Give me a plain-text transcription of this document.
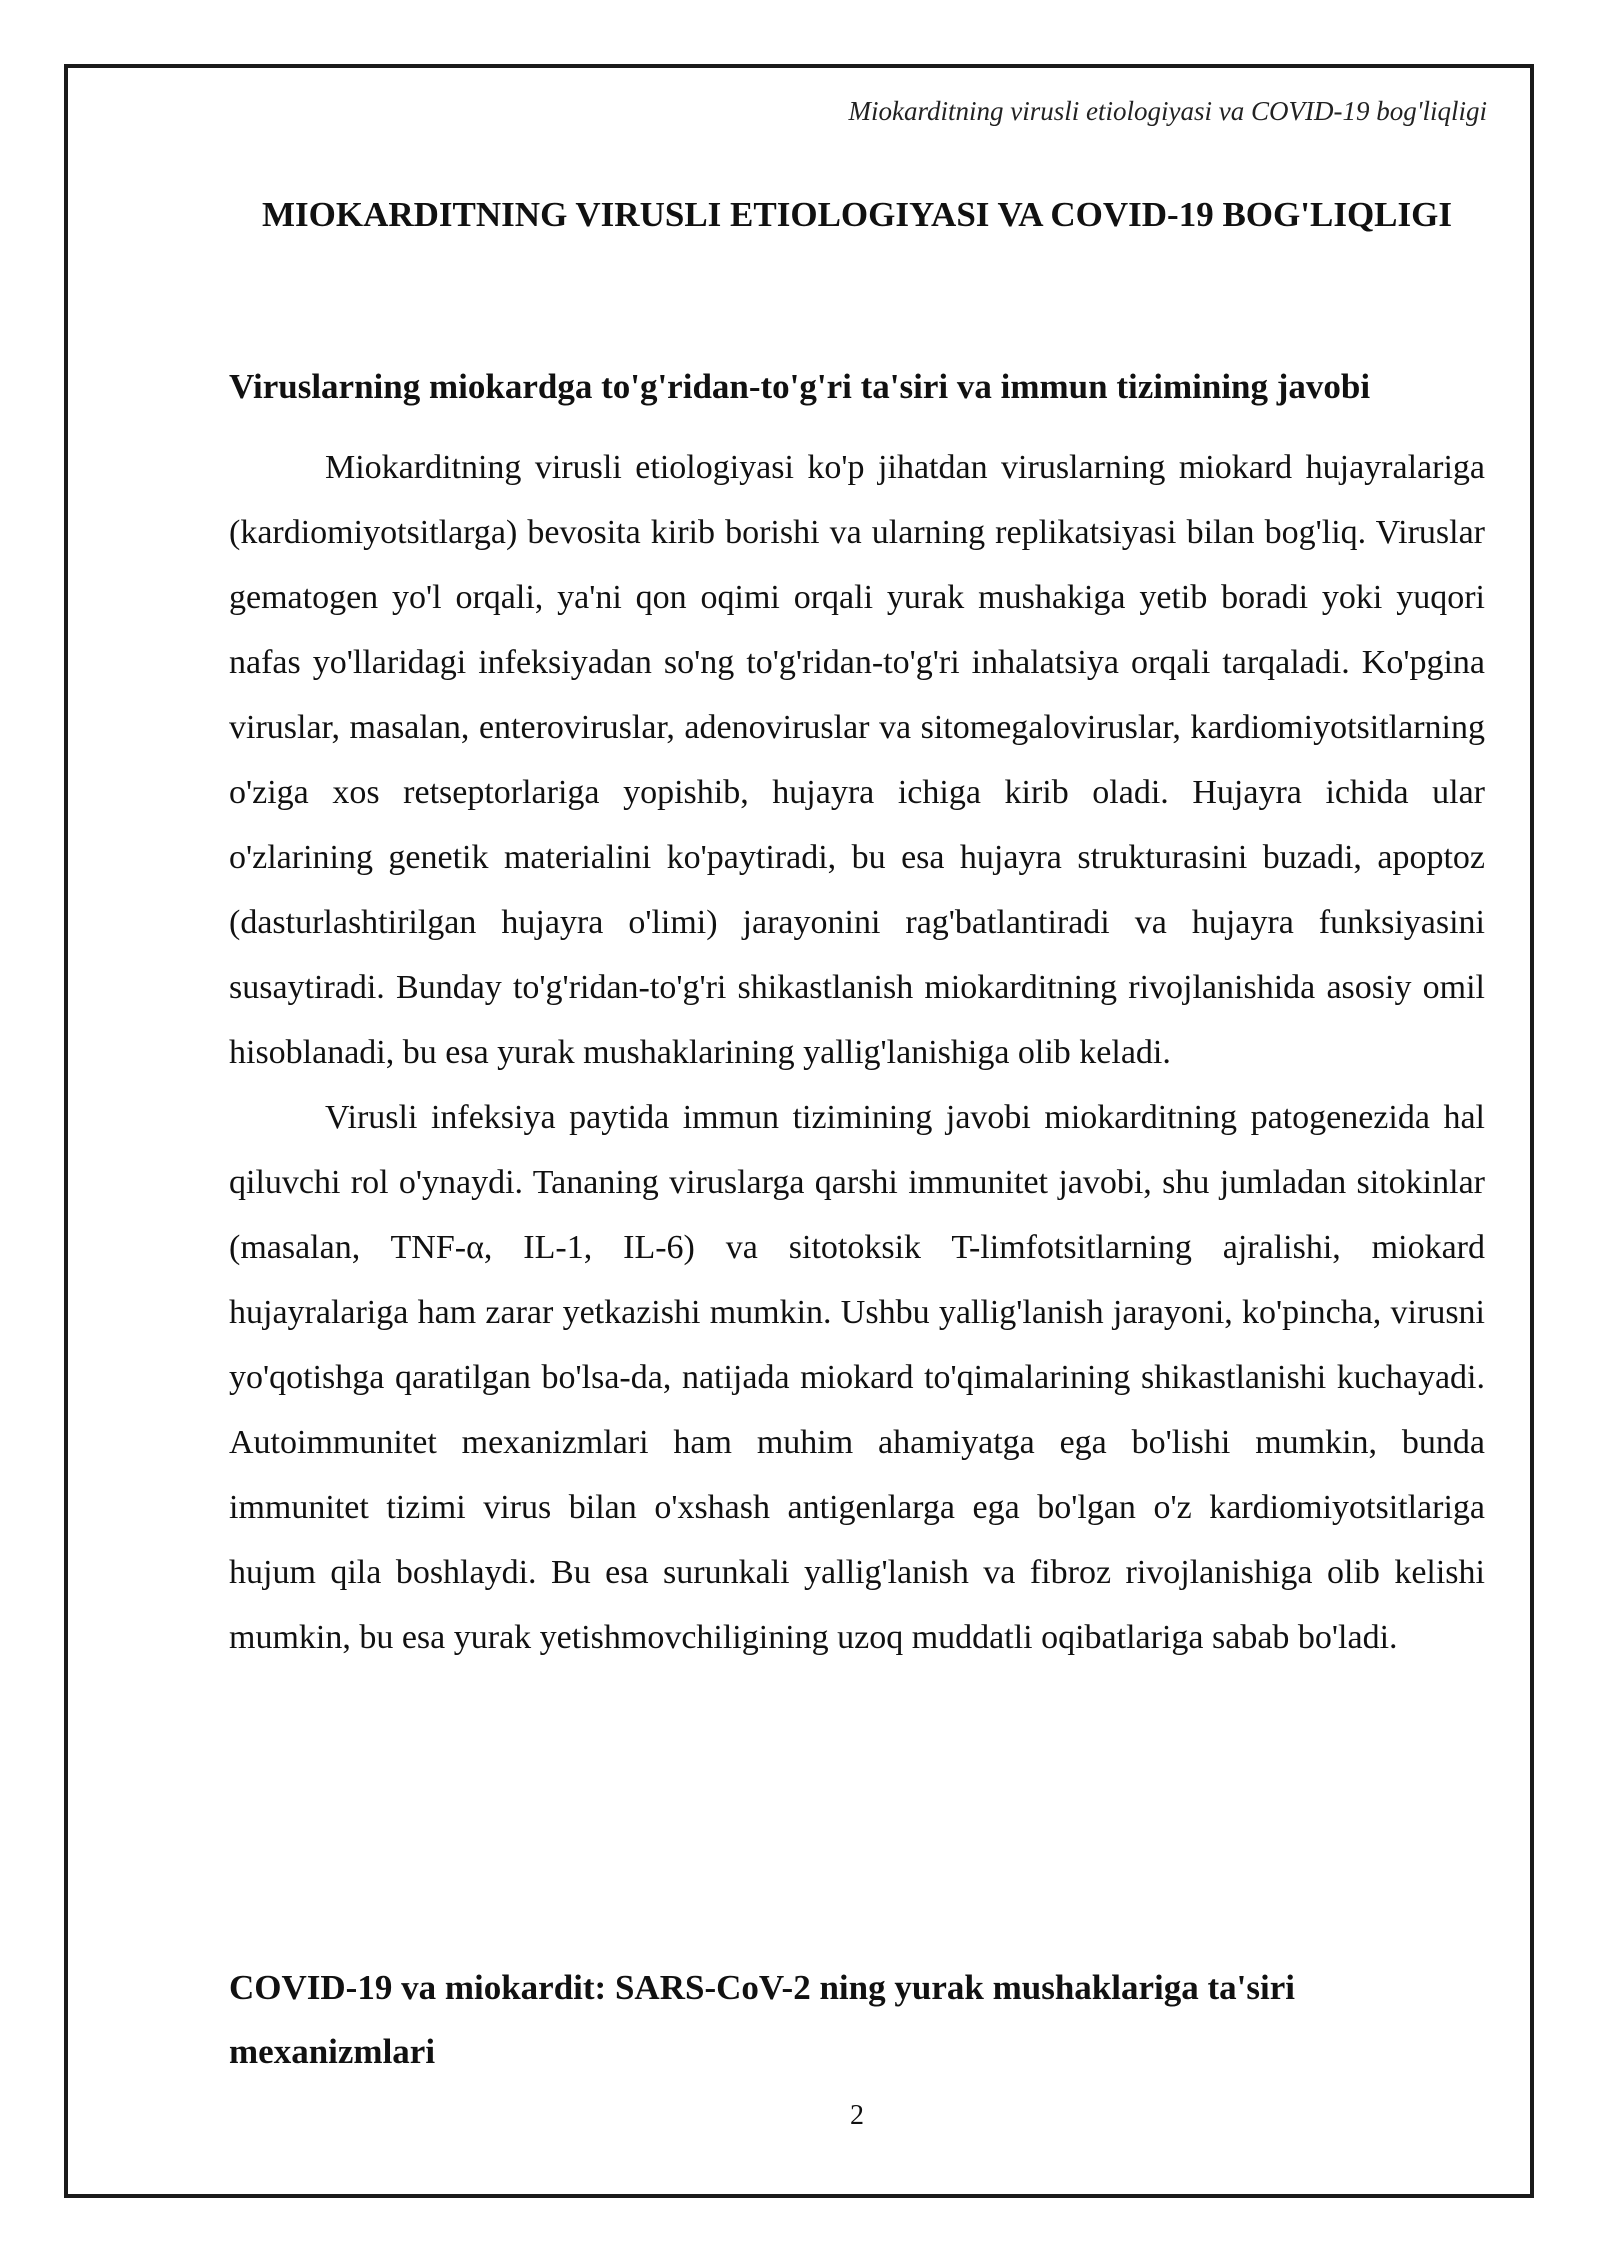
Miokarditning virusli etiologiyasi va COVID-19 bog'liqligi
MIOKARDITNING VIRUSLI ETIOLOGIYASI VA COVID-19 BOG'LIQLIGI
Viruslarning miokardga to'g'ridan-to'g'ri ta'siri va immun tizimining javobi

Miokarditning virusli etiologiyasi ko'p jihatdan viruslarning miokard hujayralariga (kardiomiyotsitlarga) bevosita kirib borishi va ularning replikatsiyasi bilan bog'liq. Viruslar gematogen yo'l orqali, ya'ni qon oqimi orqali yurak mushakiga yetib boradi yoki yuqori nafas yo'llaridagi infeksiyadan so'ng to'g'ridan-to'g'ri inhalatsiya orqali tarqaladi. Ko'pgina viruslar, masalan, enteroviruslar, adenoviruslar va sitomegaloviruslar, kardiomiyotsitlarning o'ziga xos retseptorlariga yopishib, hujayra ichiga kirib oladi. Hujayra ichida ular o'zlarining genetik materialini ko'paytiradi, bu esa hujayra strukturasini buzadi, apoptoz (dasturlashtirilgan hujayra o'limi) jarayonini rag'batlantiradi va hujayra funksiyasini susaytiradi. Bunday to'g'ridan-to'g'ri shikastlanish miokarditning rivojlanishida asosiy omil hisoblanadi, bu esa yurak mushaklarining yallig'lanishiga olib keladi.

Virusli infeksiya paytida immun tizimining javobi miokarditning patogenezida hal qiluvchi rol o'ynaydi. Tananing viruslarga qarshi immunitet javobi, shu jumladan sitokinlar (masalan, TNF-α, IL-1, IL-6) va sitotoksik T-limfotsitlarning ajralishi, miokard hujayralariga ham zarar yetkazishi mumkin. Ushbu yallig'lanish jarayoni, ko'pincha, virusni yo'qotishga qaratilgan bo'lsa-da, natijada miokard to'qimalarining shikastlanishi kuchayadi. Autoimmunitet mexanizmlari ham muhim ahamiyatga ega bo'lishi mumkin, bunda immunitet tizimi virus bilan o'xshash antigenlarga ega bo'lgan o'z kardiomiyotsitlariga hujum qila boshlaydi. Bu esa surunkali yallig'lanish va fibroz rivojlanishiga olib kelishi mumkin, bu esa yurak yetishmovchiligining uzoq muddatli oqibatlariga sabab bo'ladi.

COVID-19 va miokardit: SARS-CoV-2 ning yurak mushaklariga ta'siri mexanizmlari
2
